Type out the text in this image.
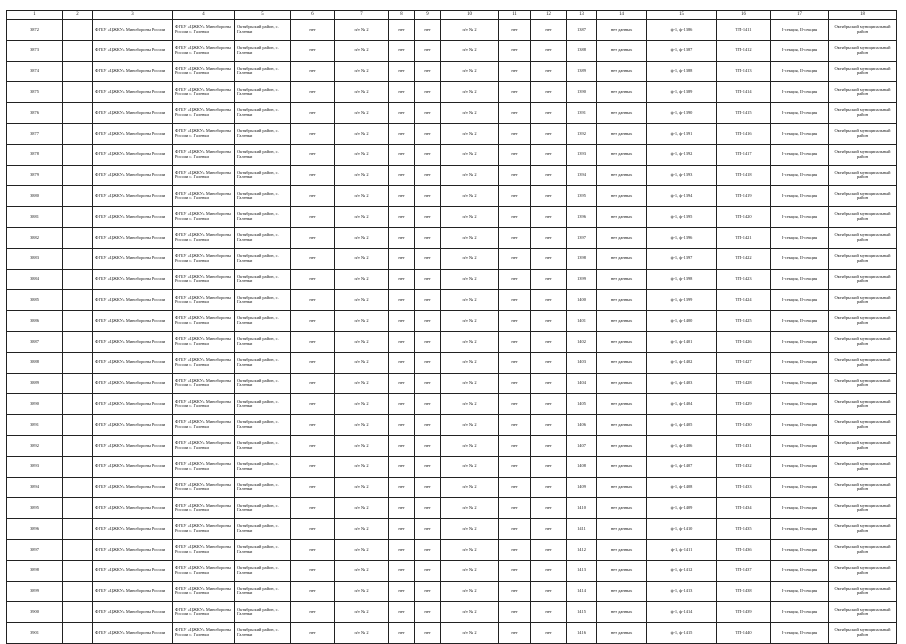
1	2	3	4	5	6	7	8	9	10	11	12	13	14	15	16	17	18
3872		ФГБУ «ЦЖКУ» Минобороны России	ФГБУ «ЦЖКУ» Минобороны России с. Галенки	Октябрьский район, с. Галенки	нет	п/т № 2	нет	нет	п/т № 2	нет	нет	1387	нет данных	ф-1, ф-1386	ТП-1411	I-секция, II-секция	Октябрьский муниципальный район
3873		ФГБУ «ЦЖКУ» Минобороны России	ФГБУ «ЦЖКУ» Минобороны России с. Галенки	Октябрьский район, с. Галенки	нет	п/т № 2	нет	нет	п/т № 2	нет	нет	1388	нет данных	ф-1, ф-1387	ТП-1412	I-секция, II-секция	Октябрьский муниципальный район
3874		ФГБУ «ЦЖКУ» Минобороны России	ФГБУ «ЦЖКУ» Минобороны России с. Галенки	Октябрьский район, с. Галенки	нет	п/т № 2	нет	нет	п/т № 2	нет	нет	1389	нет данных	ф-1, ф-1388	ТП-1413	I-секция, II-секция	Октябрьский муниципальный район
3875		ФГБУ «ЦЖКУ» Минобороны России	ФГБУ «ЦЖКУ» Минобороны России с. Галенки	Октябрьский район, с. Галенки	нет	п/т № 2	нет	нет	п/т № 2	нет	нет	1390	нет данных	ф-1, ф-1389	ТП-1414	I-секция, II-секция	Октябрьский муниципальный район
3876		ФГБУ «ЦЖКУ» Минобороны России	ФГБУ «ЦЖКУ» Минобороны России с. Галенки	Октябрьский район, с. Галенки	нет	п/т № 2	нет	нет	п/т № 2	нет	нет	1391	нет данных	ф-1, ф-1390	ТП-1415	I-секция, II-секция	Октябрьский муниципальный район
3877		ФГБУ «ЦЖКУ» Минобороны России	ФГБУ «ЦЖКУ» Минобороны России с. Галенки	Октябрьский район, с. Галенки	нет	п/т № 2	нет	нет	п/т № 2	нет	нет	1392	нет данных	ф-1, ф-1391	ТП-1416	I-секция, II-секция	Октябрьский муниципальный район
3878		ФГБУ «ЦЖКУ» Минобороны России	ФГБУ «ЦЖКУ» Минобороны России с. Галенки	Октябрьский район, с. Галенки	нет	п/т № 2	нет	нет	п/т № 2	нет	нет	1393	нет данных	ф-1, ф-1392	ТП-1417	I-секция, II-секция	Октябрьский муниципальный район
3879		ФГБУ «ЦЖКУ» Минобороны России	ФГБУ «ЦЖКУ» Минобороны России с. Галенки	Октябрьский район, с. Галенки	нет	п/т № 2	нет	нет	п/т № 2	нет	нет	1394	нет данных	ф-1, ф-1393	ТП-1418	I-секция, II-секция	Октябрьский муниципальный район
3880		ФГБУ «ЦЖКУ» Минобороны России	ФГБУ «ЦЖКУ» Минобороны России с. Галенки	Октябрьский район, с. Галенки	нет	п/т № 2	нет	нет	п/т № 2	нет	нет	1395	нет данных	ф-1, ф-1394	ТП-1419	I-секция, II-секция	Октябрьский муниципальный район
3881		ФГБУ «ЦЖКУ» Минобороны России	ФГБУ «ЦЖКУ» Минобороны России с. Галенки	Октябрьский район, с. Галенки	нет	п/т № 2	нет	нет	п/т № 2	нет	нет	1396	нет данных	ф-1, ф-1395	ТП-1420	I-секция, II-секция	Октябрьский муниципальный район
3882		ФГБУ «ЦЖКУ» Минобороны России	ФГБУ «ЦЖКУ» Минобороны России с. Галенки	Октябрьский район, с. Галенки	нет	п/т № 2	нет	нет	п/т № 2	нет	нет	1397	нет данных	ф-1, ф-1396	ТП-1421	I-секция, II-секция	Октябрьский муниципальный район
3883		ФГБУ «ЦЖКУ» Минобороны России	ФГБУ «ЦЖКУ» Минобороны России с. Галенки	Октябрьский район, с. Галенки	нет	п/т № 2	нет	нет	п/т № 2	нет	нет	1398	нет данных	ф-1, ф-1397	ТП-1422	I-секция, II-секция	Октябрьский муниципальный район
3884		ФГБУ «ЦЖКУ» Минобороны России	ФГБУ «ЦЖКУ» Минобороны России с. Галенки	Октябрьский район, с. Галенки	нет	п/т № 2	нет	нет	п/т № 2	нет	нет	1399	нет данных	ф-1, ф-1398	ТП-1423	I-секция, II-секция	Октябрьский муниципальный район
3885		ФГБУ «ЦЖКУ» Минобороны России	ФГБУ «ЦЖКУ» Минобороны России с. Галенки	Октябрьский район, с. Галенки	нет	п/т № 2	нет	нет	п/т № 2	нет	нет	1400	нет данных	ф-1, ф-1399	ТП-1424	I-секция, II-секция	Октябрьский муниципальный район
3886		ФГБУ «ЦЖКУ» Минобороны России	ФГБУ «ЦЖКУ» Минобороны России с. Галенки	Октябрьский район, с. Галенки	нет	п/т № 2	нет	нет	п/т № 2	нет	нет	1401	нет данных	ф-1, ф-1400	ТП-1425	I-секция, II-секция	Октябрьский муниципальный район
3887		ФГБУ «ЦЖКУ» Минобороны России	ФГБУ «ЦЖКУ» Минобороны России с. Галенки	Октябрьский район, с. Галенки	нет	п/т № 2	нет	нет	п/т № 2	нет	нет	1402	нет данных	ф-1, ф-1401	ТП-1426	I-секция, II-секция	Октябрьский муниципальный район
3888		ФГБУ «ЦЖКУ» Минобороны России	ФГБУ «ЦЖКУ» Минобороны России с. Галенки	Октябрьский район, с. Галенки	нет	п/т № 2	нет	нет	п/т № 2	нет	нет	1403	нет данных	ф-1, ф-1402	ТП-1427	I-секция, II-секция	Октябрьский муниципальный район
3889		ФГБУ «ЦЖКУ» Минобороны России	ФГБУ «ЦЖКУ» Минобороны России с. Галенки	Октябрьский район, с. Галенки	нет	п/т № 2	нет	нет	п/т № 2	нет	нет	1404	нет данных	ф-1, ф-1403	ТП-1428	I-секция, II-секция	Октябрьский муниципальный район
3890		ФГБУ «ЦЖКУ» Минобороны России	ФГБУ «ЦЖКУ» Минобороны России с. Галенки	Октябрьский район, с. Галенки	нет	п/т № 2	нет	нет	п/т № 2	нет	нет	1405	нет данных	ф-1, ф-1404	ТП-1429	I-секция, II-секция	Октябрьский муниципальный район
3891		ФГБУ «ЦЖКУ» Минобороны России	ФГБУ «ЦЖКУ» Минобороны России с. Галенки	Октябрьский район, с. Галенки	нет	п/т № 2	нет	нет	п/т № 2	нет	нет	1406	нет данных	ф-1, ф-1405	ТП-1430	I-секция, II-секция	Октябрьский муниципальный район
3892		ФГБУ «ЦЖКУ» Минобороны России	ФГБУ «ЦЖКУ» Минобороны России с. Галенки	Октябрьский район, с. Галенки	нет	п/т № 2	нет	нет	п/т № 2	нет	нет	1407	нет данных	ф-1, ф-1406	ТП-1431	I-секция, II-секция	Октябрьский муниципальный район
3893		ФГБУ «ЦЖКУ» Минобороны России	ФГБУ «ЦЖКУ» Минобороны России с. Галенки	Октябрьский район, с. Галенки	нет	п/т № 2	нет	нет	п/т № 2	нет	нет	1408	нет данных	ф-1, ф-1407	ТП-1432	I-секция, II-секция	Октябрьский муниципальный район
3894		ФГБУ «ЦЖКУ» Минобороны России	ФГБУ «ЦЖКУ» Минобороны России с. Галенки	Октябрьский район, с. Галенки	нет	п/т № 2	нет	нет	п/т № 2	нет	нет	1409	нет данных	ф-1, ф-1408	ТП-1433	I-секция, II-секция	Октябрьский муниципальный район
3895		ФГБУ «ЦЖКУ» Минобороны России	ФГБУ «ЦЖКУ» Минобороны России с. Галенки	Октябрьский район, с. Галенки	нет	п/т № 2	нет	нет	п/т № 2	нет	нет	1410	нет данных	ф-1, ф-1409	ТП-1434	I-секция, II-секция	Октябрьский муниципальный район
3896		ФГБУ «ЦЖКУ» Минобороны России	ФГБУ «ЦЖКУ» Минобороны России с. Галенки	Октябрьский район, с. Галенки	нет	п/т № 2	нет	нет	п/т № 2	нет	нет	1411	нет данных	ф-1, ф-1410	ТП-1435	I-секция, II-секция	Октябрьский муниципальный район
3897		ФГБУ «ЦЖКУ» Минобороны России	ФГБУ «ЦЖКУ» Минобороны России с. Галенки	Октябрьский район, с. Галенки	нет	п/т № 2	нет	нет	п/т № 2	нет	нет	1412	нет данных	ф-1, ф-1411	ТП-1436	I-секция, II-секция	Октябрьский муниципальный район
3898		ФГБУ «ЦЖКУ» Минобороны России	ФГБУ «ЦЖКУ» Минобороны России с. Галенки	Октябрьский район, с. Галенки	нет	п/т № 2	нет	нет	п/т № 2	нет	нет	1413	нет данных	ф-1, ф-1412	ТП-1437	I-секция, II-секция	Октябрьский муниципальный район
3899		ФГБУ «ЦЖКУ» Минобороны России	ФГБУ «ЦЖКУ» Минобороны России с. Галенки	Октябрьский район, с. Галенки	нет	п/т № 2	нет	нет	п/т № 2	нет	нет	1414	нет данных	ф-1, ф-1413	ТП-1438	I-секция, II-секция	Октябрьский муниципальный район
3900		ФГБУ «ЦЖКУ» Минобороны России	ФГБУ «ЦЖКУ» Минобороны России с. Галенки	Октябрьский район, с. Галенки	нет	п/т № 2	нет	нет	п/т № 2	нет	нет	1415	нет данных	ф-1, ф-1414	ТП-1439	I-секция, II-секция	Октябрьский муниципальный район
3901		ФГБУ «ЦЖКУ» Минобороны России	ФГБУ «ЦЖКУ» Минобороны России с. Галенки	Октябрьский район, с. Галенки	нет	п/т № 2	нет	нет	п/т № 2	нет	нет	1416	нет данных	ф-1, ф-1415	ТП-1440	I-секция, II-секция	Октябрьский муниципальный район
